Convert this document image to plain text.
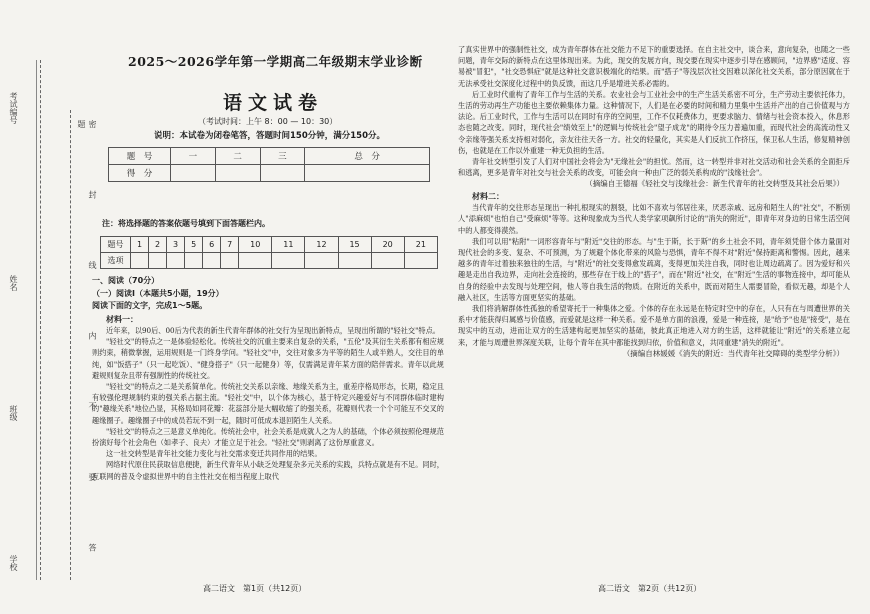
考试编号
姓名
班级
学校	密 封 线 内 不 要 答 题
2025～2026学年第一学期高二年级期末学业诊断
语文试卷
（考试时间：上午 8：00 — 10：30）
说明：本试卷为闭卷笔答，答题时间150分钟，满分150分。
题　号	一	二	三	总　分
得　分				
注：将选择题的答案依题号填到下面答题栏内。
题号	1	2	3	5	6	7	10	11	12	15	20	21
选项												
一、阅读（70分）
（一）阅读Ⅰ（本题共5小题，19分）
阅读下面的文字，完成1～5题。
材料一：

近年来，以90后、00后为代表的新生代青年群体的社交行为呈现出新特点，呈现出所谓的"轻社交"特点。

"轻社交"的特点之一是体验轻松化。传统社交的沉重主要来自复杂的关系，"五伦"及其衍生关系都有相应规则约束，稍微掌握，运用规则是一门终身学问。"轻社交"中，交往对象多为平等的陌生人或半熟人，交往目的单纯，如"饭搭子"（只一起吃饭）、"健身搭子"（只一起健身）等，仅需满足青年某方面的陪伴需求。青年以此规避规则复杂且带有强制性的传统社交。

"轻社交"的特点之二是关系简单化。传统社交关系以亲缘、地缘关系为主，重差序格局形态，长期，稳定且有较强伦理规制约束的强关系占据主流。"轻社交"中，以个体为核心，基于特定兴趣爱好与不同群体临时建构的"趣缘关系"地位凸显，其格局如同花瓣：花蕊部分是大幅收缩了的强关系，花瓣则代表一个个可能互不交叉的趣缘圈子。趣缘圈子中的成员若玩不到一起，随时可低成本退回陌生人关系。

"轻社交"的特点之三是意义单纯化。传统社会中，社会关系是成就人之为人的基础，个体必须按照伦理规范扮演好每个社会角色（如孝子、良夫）才能立足于社会。"轻社交"则剥离了这份厚重意义。

这一社交转型是青年社交能力变化与社交需求变迁共同作用的结果。

网络时代原住民获取信息便捷，新生代青年从小缺乏处理复杂多元关系的实践，兵特点就是有不足。同时，互联网的普及令虚拟世界中的自主性社交在相当程度上取代

高二语文　第1页（共12页）

了真实世界中的强制性社交，成为青年群体在社交能力不足下的重要选择。在自主社交中，谈合来，意向复杂，也随之一些问题，青年交际的新特点在这里体现出来。为此，现交的发展方向，现交要在现实中逐步引导在感顾问，"边界感"适度、容易被"冒犯"，"社交恐惧症"就是这种社交意识极端化的结果。而"搭子"等浅层次社交因难以深化社交关系，部分原因就在于无法承受社交深度化过程中的负反馈，而这几乎是增进关系必需的。

后工业时代重构了青年工作与生活的关系。农业社会与工业社会中的生产生活关系密不可分，生产劳动主要依托体力，生活的劳动再生产功能也主要依赖集体力量。这种情况下，人们是在必要的时间和精力里集中生活并产出的自己价值观与方法论。后工业时代，工作与生活可以在同时有序的空间里，工作不仅耗费体力，更要求脑力、情绪与社会资本投入，休息形态也随之改变。同时，现代社会"绩效至上"的逻辑与传统社会"望子成龙"的期待令压力普遍加重，而现代社会的高流动性又令亲缘等强关系支持相对弱化，亲友往往天各一方。社交的轻量化，其实是人们反抗工作挤压，保卫私人生活，修复精神创伤，也就是在工作以外重建一种无负担的生活。

青年社交转型引发了人们对中国社会将会为"无缘社会"的担忧。然而，这一转型并非对社交活动和社会关系的全面拒斥和逃离，更多是青年对社交与社会关系的改变，可能会向一种由广泛的弱关系构成的"浅缘社会"。

（摘编自王德福《轻社交与浅缘社会：新生代青年的社交转型及其社会后果》）

材料二：

当代青年的交往形态呈现出一种扎根现实的割裂，比如不喜欢与邻居往来，厌恶亲戚、远房和陌生人的"社交"，不断别人"添麻烦"也怕自己"受麻烦"等等。这种现象成为当代人类学家项飙所讨论的"消失的附近"，即青年对身边的日常生活空间中的人都变得漠然。

我们可以用"粘附"一词形容青年与"附近"交往的形态。与"生于斯，长于斯"的乡土社会不同，青年须凭借个体力量面对现代社会的多变、复杂、不可预测，为了规避个体化带来的风险与恐惧，青年不得不对"附近"保持距离和警惕。因此，越来越多的青年过着独来独往的生活，与"附近"的社交变得愈发疏离，变得更加关注自我，同时也让周边疏离了。因为爱好和兴趣是走出自我边界，走向社会连接的，那些存在于线上的"搭子"，而在"附近"社交，在"附近"生活的事物连接中，却可能从自身的经验中去发现与处理空间，他人等自我生活的物质。在附近的关系中，既而对陌生人需要冒险，看似无趣，却是个人融入社区，生活等方面更坚实的基础。

我们将消解群体性孤独的希望寄托于一种集体之爱。个体的存在永远是在特定时空中的存在，人只有在与周遭世界的关系中才能获得归属感与价值感，而爱就是这样一种关系。爱不是单方面的浪漫，爱是一种连接，是"给予"也是"接受"，是在现实中的互动，进而让双方的生活建构起更加坚实的基础，彼此真正地进入对方的生活，这样就能让"附近"的关系建立起来，才能与周遭世界深度关联，让每个青年在其中都能找到归依，价值和意义，共同重建"消失的附近"。

（摘编自林媛媛《消失的附近：当代青年社交障碍的类型学分析》）

高二语文　第2页（共12页）
